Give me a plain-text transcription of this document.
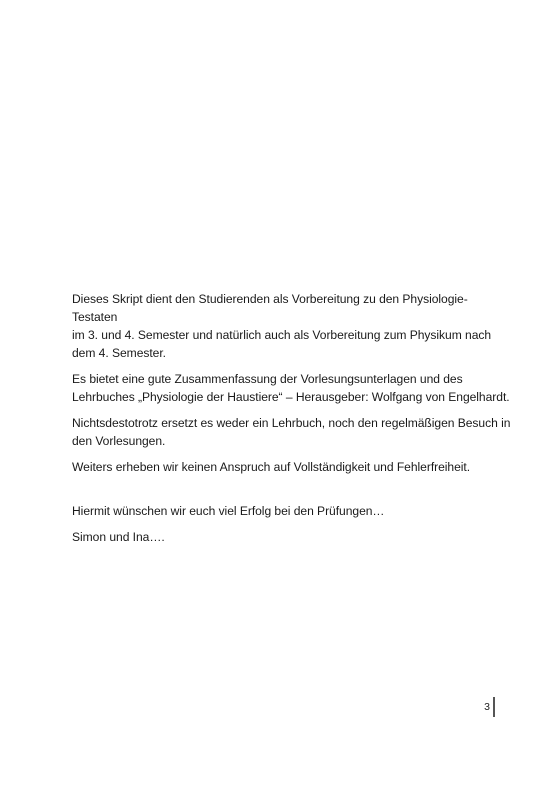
Dieses Skript dient den Studierenden als Vorbereitung zu den Physiologie-Testaten
im 3. und 4. Semester und natürlich auch als Vorbereitung zum Physikum nach
dem 4. Semester.

Es bietet eine gute Zusammenfassung der Vorlesungsunterlagen und des
Lehrbuches „Physiologie der Haustiere“ – Herausgeber: Wolfgang von Engelhardt.

Nichtsdestotrotz ersetzt es weder ein Lehrbuch, noch den regelmäßigen Besuch in
den Vorlesungen.

Weiters erheben wir keinen Anspruch auf Vollständigkeit und Fehlerfreiheit.

Hiermit wünschen wir euch viel Erfolg bei den Prüfungen…

Simon und Ina….

3
